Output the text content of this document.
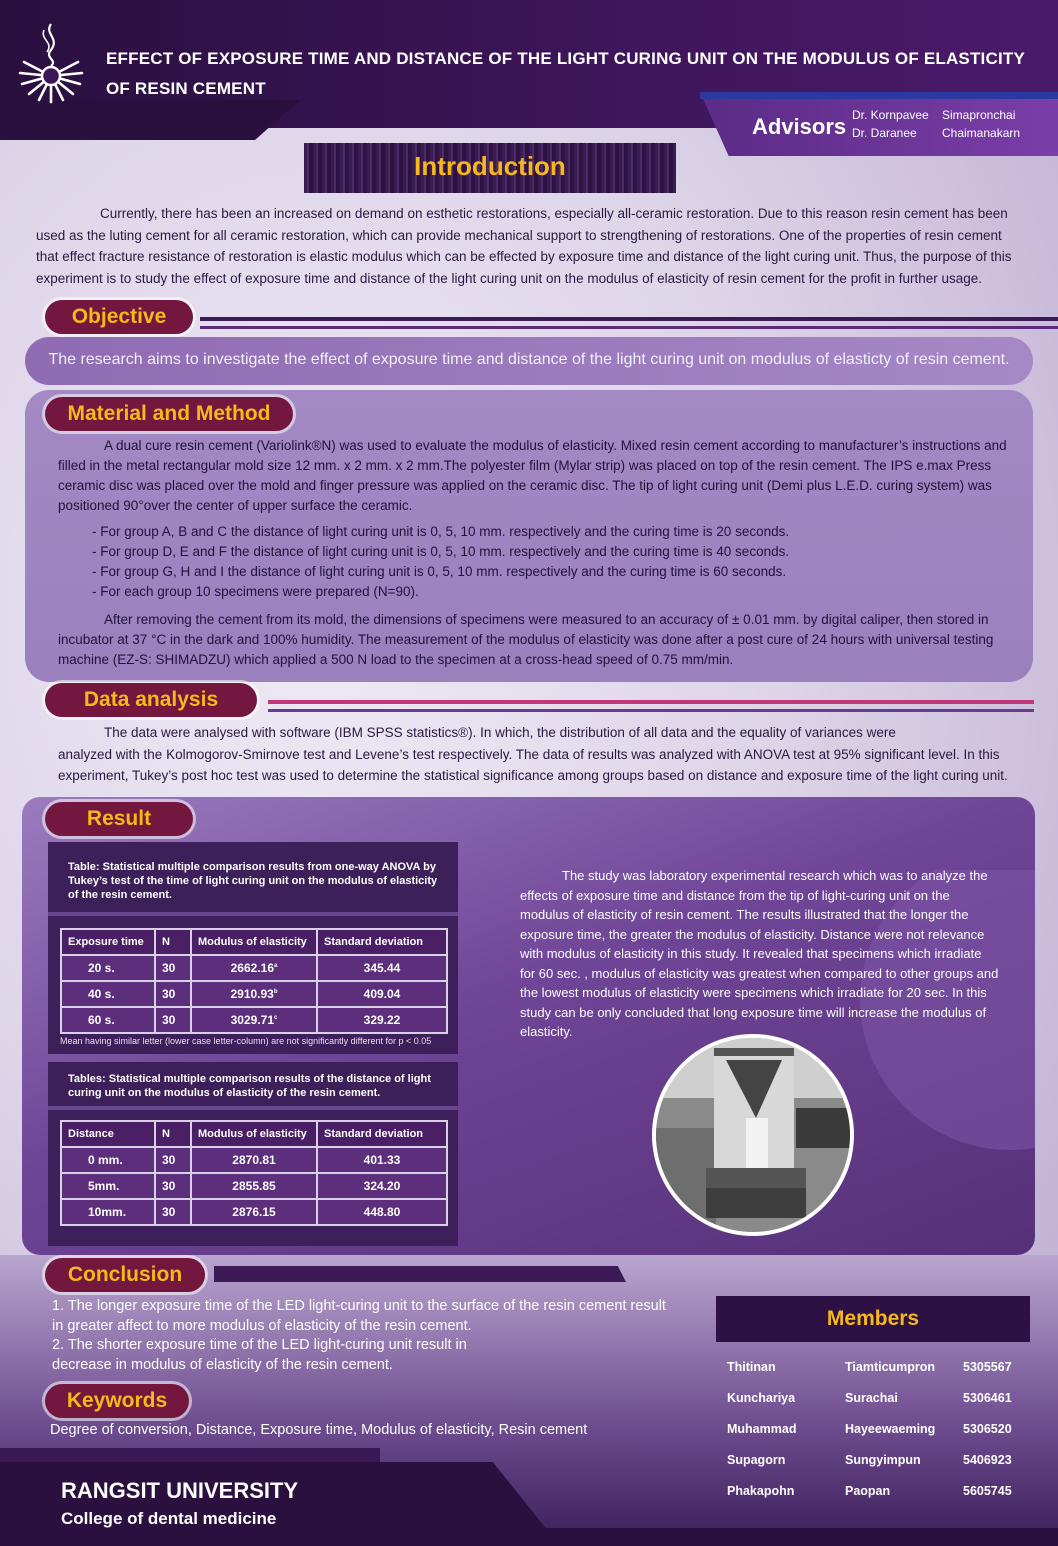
EFFECT OF EXPOSURE TIME AND DISTANCE OF THE LIGHT CURING UNIT ON THE MODULUS OF ELASTICITY
OF RESIN CEMENT
Advisors Dr. Kornpavee Simapronchai
Dr. Daranee Chaimanakarn
Introduction
Currently, there has been an increased on demand on esthetic restorations, especially all-ceramic restoration. Due to this reason resin cement has been used as the luting cement for all ceramic restoration, which can provide mechanical support to strengthening of restorations. One of the properties of resin cement that effect fracture resistance of restoration is elastic modulus which can be effected by exposure time and distance of the light curing unit. Thus, the purpose of this experiment is to study the effect of exposure time and distance of the light curing unit on the modulus of elasticity of resin cement for the profit in further usage.
Objective
The research aims to investigate the effect of exposure time and distance of the light curing unit on modulus of elasticty of resin cement.
Material and Method
A dual cure resin cement (Variolink®N) was used to evaluate the modulus of elasticity. Mixed resin cement according to manufacturer’s instructions and filled in the metal rectangular mold size 12 mm. x 2 mm. x 2 mm.The polyester film (Mylar strip) was placed on top of the resin cement. The IPS e.max Press ceramic disc was placed over the mold and finger pressure was applied on the ceramic disc. The tip of light curing unit (Demi plus L.E.D. curing system) was positioned 90°over the center of upper surface the ceramic.
- For group A, B and C the distance of light curing unit is 0, 5, 10 mm. respectively and the curing time is 20 seconds.
- For group D, E and F the distance of light curing unit is 0, 5, 10 mm. respectively and the curing time is 40 seconds.
- For group G, H and I the distance of light curing unit is 0, 5, 10 mm. respectively and the curing time is 60 seconds.
- For each group 10 specimens were prepared (N=90).
After removing the cement from its mold, the dimensions of specimens were measured to an accuracy of ± 0.01 mm. by digital caliper, then stored in incubator at 37 °C in the dark and 100% humidity. The measurement of the modulus of elasticity was done after a post cure of 24 hours with universal testing machine (EZ-S: SHIMADZU) which applied a 500 N load to the specimen at a cross-head speed of 0.75 mm/min.
Data analysis
The data were analysed with software (IBM SPSS statistics®). In which, the distribution of all data and the equality of variances were
analyzed with the Kolmogorov-Smirnove test and Levene’s test respectively. The data of results was analyzed with ANOVA test at 95% significant level. In this experiment, Tukey’s post hoc test was used to determine the statistical significance among groups based on distance and exposure time of the light curing unit.
Result
Table: Statistical multiple comparison results from one-way ANOVA by Tukey’s test of the time of light curing unit on the modulus of elasticity of the resin cement.
Exposure time	N	Modulus of elasticity	Standard deviation
20 s.	30	2662.16$^a$	345.44
40 s.	30	2910.93$^b$	409.04
60 s.	30	3029.71$^c$	329.22
Mean having similar letter (lower case letter-column) are not significantly different for p < 0.05
Tables: Statistical multiple comparison results of the distance of light curing unit on the modulus of elasticity of the resin cement.
Distance	N	Modulus of elasticity	Standard deviation
0 mm.	30	2870.81	401.33
5mm.	30	2855.85	324.20
10mm.	30	2876.15	448.80
The study was laboratory experimental research which was to analyze the effects of exposure time and distance from the tip of light-curing unit on the modulus of elasticity of resin cement. The results illustrated that the longer the exposure time, the greater the modulus of elasticity. Distance were not relevance with modulus of elasticity in this study. It revealed that specimens which irradiate for 60 sec. , modulus of elasticity was greatest when compared to other groups and the lowest modulus of elasticity were specimens which irradiate for 20 sec. In this study can be only concluded that long exposure time will increase the modulus of elasticity.
Conclusion
1. The longer exposure time of the LED light-curing unit to the surface of the resin cement result
in greater affect to more modulus of elasticity of the resin cement.
2. The shorter exposure time of the LED light-curing unit result in
decrease in modulus of elasticity of the resin cement.
Keywords
Degree of conversion, Distance, Exposure time, Modulus of elasticity, Resin cement
Members
Thitinan	Tiamticumpron 5305567
Kunchariya	Surachai	5306461
Muhammad	Hayeewaeming 5306520
Supagorn	Sungyimpun	5406923
Phakapohn	Paopan	5605745
RANGSIT UNIVERSITY
College of dental medicine
